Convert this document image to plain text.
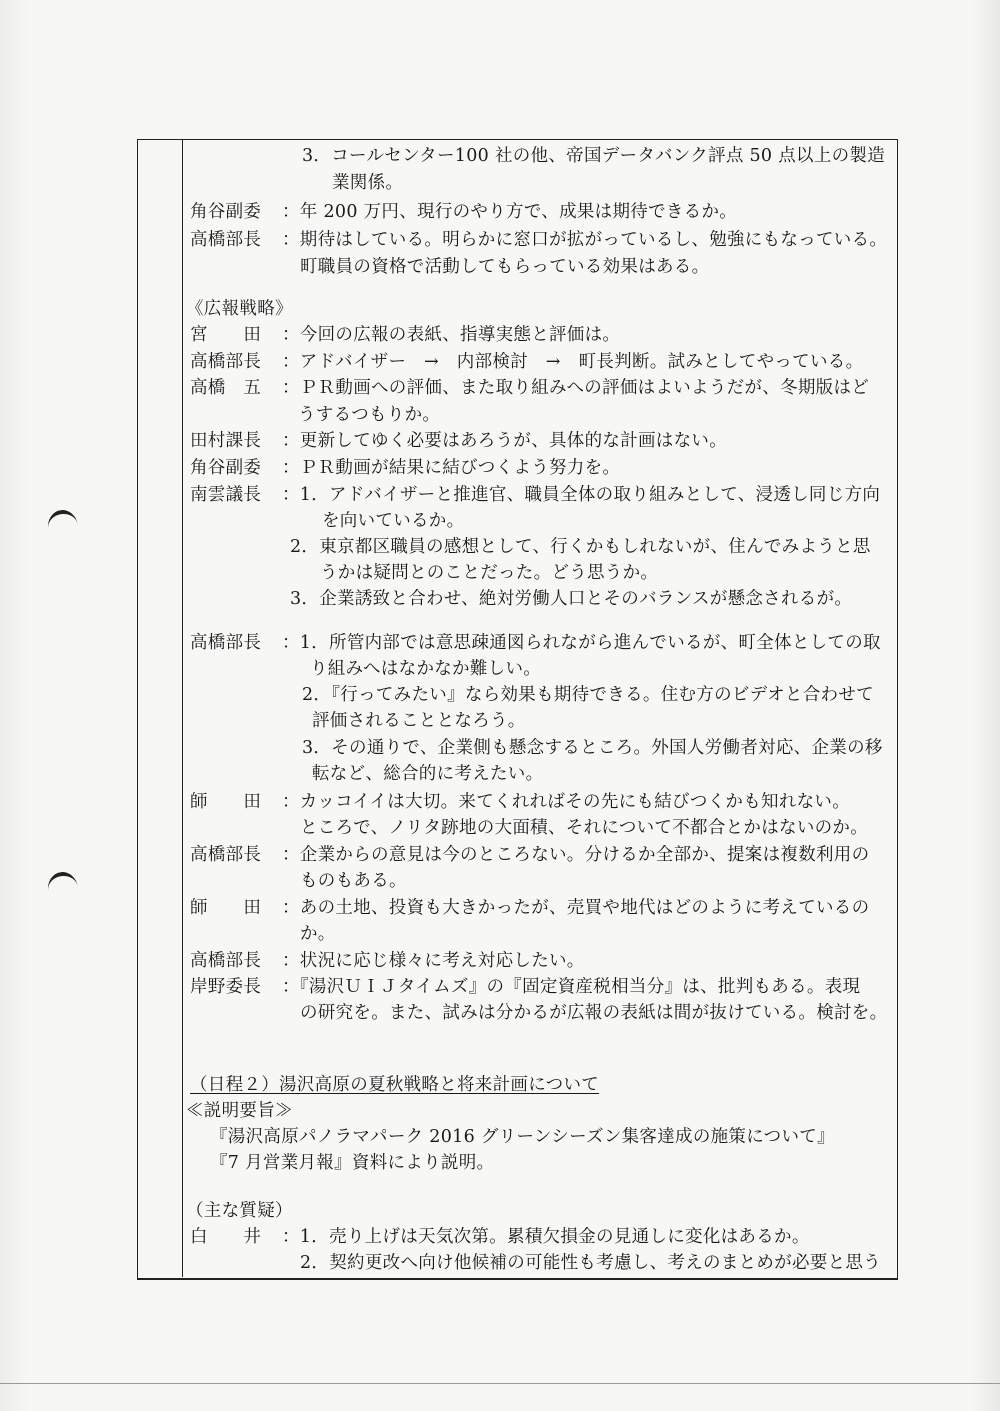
3．コールセンター100 社の他、帝国データバンク評点 50 点以上の製造
業関係。
角谷副委 ：年 200 万円、現行のやり方で、成果は期待できるか。
高橋部長 ：期待はしている。明らかに窓口が拡がっているし、勉強にもなっている。
町職員の資格で活動してもらっている効果はある。
《広報戦略》
宮　　田 ：今回の広報の表紙、指導実態と評価は。
高橋部長 ：アドバイザー　→　内部検討　→　町長判断。試みとしてやっている。
高橋　五 ：ＰＲ動画への評価、また取り組みへの評価はよいようだが、冬期版はど
うするつもりか。
田村課長 ：更新してゆく必要はあろうが、具体的な計画はない。
角谷副委 ：ＰＲ動画が結果に結びつくよう努力を。
南雲議長 ：1．アドバイザーと推進官、職員全体の取り組みとして、浸透し同じ方向
を向いているか。
2．東京都区職員の感想として、行くかもしれないが、住んでみようと思
うかは疑問とのことだった。どう思うか。
3．企業誘致と合わせ、絶対労働人口とそのバランスが懸念されるが。
高橋部長 ：1．所管内部では意思疎通図られながら進んでいるが、町全体としての取
り組みへはなかなか難しい。
2．『行ってみたい』なら効果も期待できる。住む方のビデオと合わせて
評価されることとなろう。
3．その通りで、企業側も懸念するところ。外国人労働者対応、企業の移
転など、総合的に考えたい。
師　　田 ：カッコイイは大切。来てくれればその先にも結びつくかも知れない。
ところで、ノリタ跡地の大面積、それについて不都合とかはないのか。
高橋部長 ：企業からの意見は今のところない。分けるか全部か、提案は複数利用の
ものもある。
師　　田 ：あの土地、投資も大きかったが、売買や地代はどのように考えているの
か。
高橋部長 ：状況に応じ様々に考え対応したい。
岸野委長 ：『湯沢ＵＩＪタイムズ』の『固定資産税相当分』は、批判もある。表現
の研究を。また、試みは分かるが広報の表紙は間が抜けている。検討を。
（日程２）湯沢高原の夏秋戦略と将来計画について
≪説明要旨≫
『湯沢高原パノラマパーク 2016 グリーンシーズン集客達成の施策について』
『7 月営業月報』資料により説明。
（主な質疑）
白　　井 ：1．売り上げは天気次第。累積欠損金の見通しに変化はあるか。
2．契約更改へ向け他候補の可能性も考慮し、考えのまとめが必要と思う
